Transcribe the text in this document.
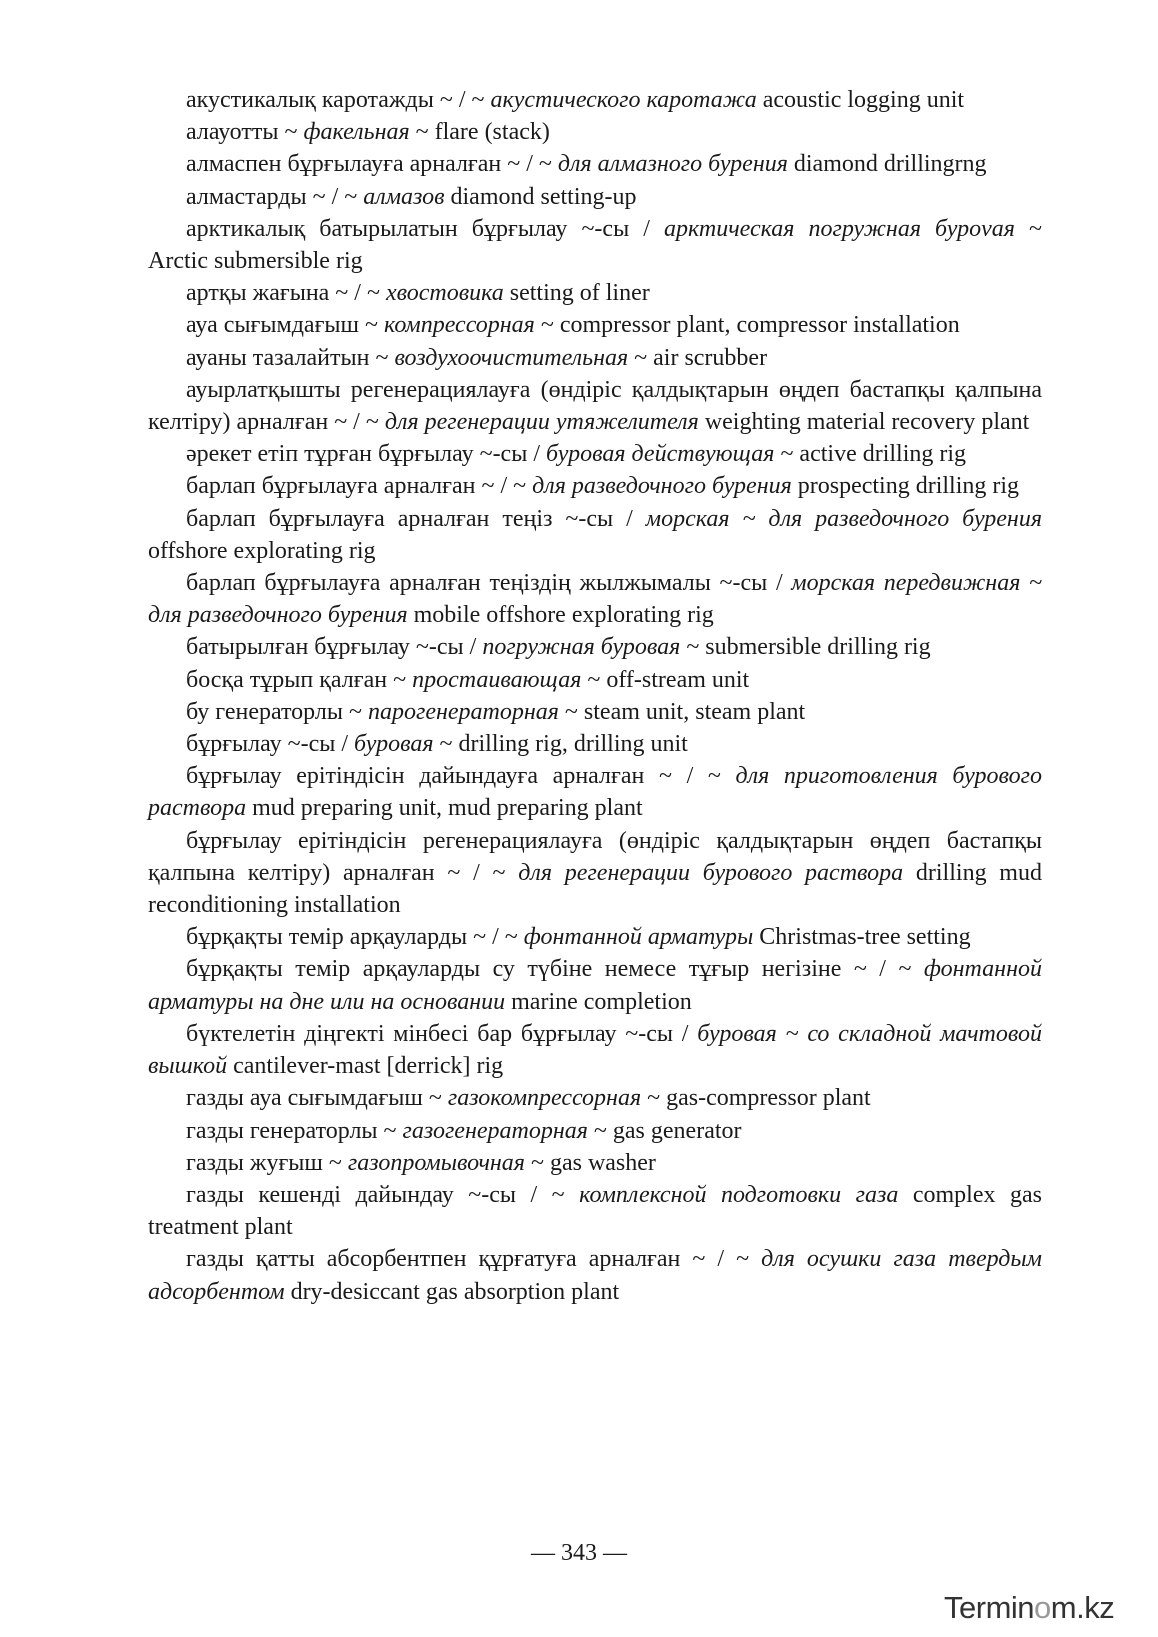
акустикалық каротажды ~ / ~ акустического каротажа acoustic logging unit

алауотты ~ факельная ~ flare (stack)

алмаспен бұрғылауға арналған ~ / ~ для алмазного бурения diamond drillingrng

алмастарды ~ / ~ алмазов diamond setting-up

арктикалық батырылатын бұрғылау ~-сы / арктическая погружная буроvая ~ Arctic submersible rig

артқы жағына ~ / ~ хвостовика setting of liner

ауа сығымдағыш ~ компрессорная ~ compressor plant, compressor installation

ауаны тазалайтын ~ воздухоочистительная ~ air scrubber

ауырлатқышты регенерациялауға (өндіріс қалдықтарын өңдеп бастапқы қалпына келтіру) арналған ~ / ~ для регенерации утяжелителя weighting material recovery plant

әрекет етіп тұрған бұрғылау ~-сы / буровая действующая ~ active drilling rig

барлап бұрғылауға арналған ~ / ~ для разведочного бурения prospecting drilling rig

барлап бұрғылауға арналған теңіз ~-сы / морская ~ для разведочного бурения offshore explorating rig

барлап бұрғылауға арналған теңіздің жылжымалы ~-сы / морская передвижная ~ для разведочного бурения mobile offshore explorating rig

батырылған бұрғылау ~-сы / погружная буровая ~ submersible drilling rig

босқа тұрып қалған ~ простаивающая ~ off-stream unit

бу генераторлы ~ парогенераторная ~ steam unit, steam plant

бұрғылау ~-сы / буровая ~ drilling rig, drilling unit

бұрғылау ерітіндісін дайындауға арналған ~ / ~ для приготовления бурового раствора mud preparing unit, mud preparing plant

бұрғылау ерітіндісін регенерациялауға (өндіріс қалдықтарын өңдеп бастапқы қалпына келтіру) арналған ~ / ~ для регенерации бурового раствора drilling mud reconditioning installation

бұрқақты темір арқауларды ~ / ~ фонтанной арматуры Christmas-tree setting

бұрқақты темір арқауларды су түбіне немесе тұғыр негізіне ~ / ~ фонтанной арматуры на дне или на основании marine completion

бүктелетін діңгекті мінбесі бар бұрғылау ~-сы / буровая ~ со складной мачтовой вышкой cantilever-mast [derrick] rig

газды ауа сығымдағыш ~ газокомпрессорная ~ gas-compressor plant

газды генераторлы ~ газогенераторная ~ gas generator

газды жуғыш ~ газопромывочная ~ gas washer

газды кешенді дайындау ~-сы / ~ комплексной подготовки газа complex gas treatment plant

газды қатты абсорбентпен құрғатуға арналған ~ / ~ для осушки газа твердым адсорбентом dry-desiccant gas absorption plant

— 343 —
Terminom.kz
